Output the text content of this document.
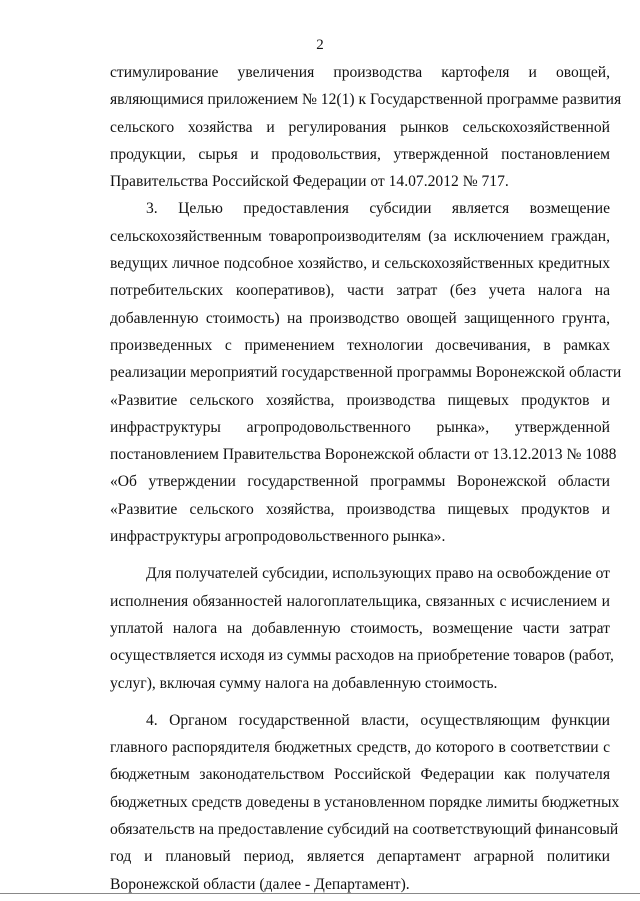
2
стимулирование увеличения производства картофеля и овощей,
являющимися приложением № 12(1) к Государственной программе развития
сельского хозяйства и регулирования рынков сельскохозяйственной
продукции, сырья и продовольствия, утвержденной постановлением
Правительства Российской Федерации от 14.07.2012 № 717.
3. Целью предоставления субсидии является возмещение
сельскохозяйственным товаропроизводителям (за исключением граждан,
ведущих личное подсобное хозяйство, и сельскохозяйственных кредитных
потребительских кооперативов), части затрат (без учета налога на
добавленную стоимость) на производство овощей защищенного грунта,
произведенных с применением технологии досвечивания, в рамках
реализации мероприятий государственной программы Воронежской области
«Развитие сельского хозяйства, производства пищевых продуктов и
инфраструктуры агропродовольственного рынка», утвержденной
постановлением Правительства Воронежской области от 13.12.2013 № 1088
«Об утверждении государственной программы Воронежской области
«Развитие сельского хозяйства, производства пищевых продуктов и
инфраструктуры агропродовольственного рынка».
Для получателей субсидии, использующих право на освобождение от
исполнения обязанностей налогоплательщика, связанных с исчислением и
уплатой налога на добавленную стоимость, возмещение части затрат
осуществляется исходя из суммы расходов на приобретение товаров (работ,
услуг), включая сумму налога на добавленную стоимость.
4. Органом государственной власти, осуществляющим функции
главного распорядителя бюджетных средств, до которого в соответствии с
бюджетным законодательством Российской Федерации как получателя
бюджетных средств доведены в установленном порядке лимиты бюджетных
обязательств на предоставление субсидий на соответствующий финансовый
год и плановый период, является департамент аграрной политики
Воронежской области (далее - Департамент).
